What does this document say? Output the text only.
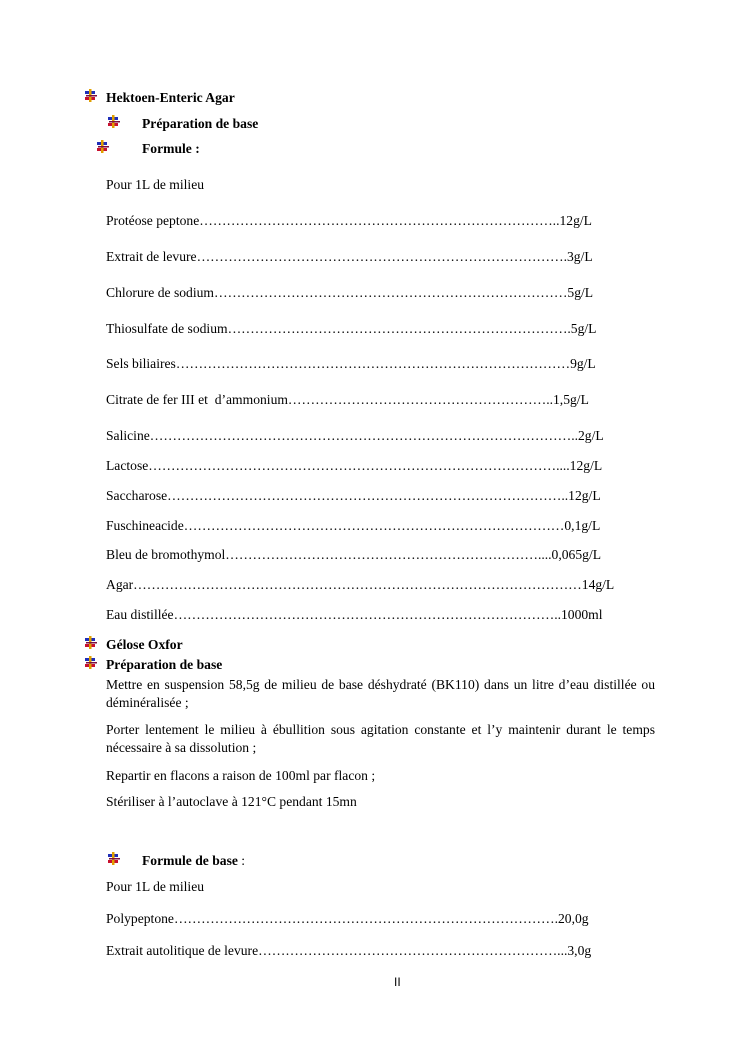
Hektoen-Enteric Agar
Préparation de base
Formule :
Pour 1L de milieu
Protéose peptone……………………………………………………………………..12g/L
Extrait de levure……………………………………………………………………….3g/L
Chlorure de sodium……………………………………………………………………5g/L
Thiosulfate de sodium………………………………………………………………….5g/L
Sels biliaires……………………………………………………………………………9g/L
Citrate de fer III et  d’ammonium…………………………………………………..1,5g/L
Salicine…………………………………………………………………………………..2g/L
Lactose………………………………………………………………………………....12g/L
Saccharose……………………………………………………………………………..12g/L
Fuschineacide…………………………………………………………………………0,1g/L
Bleu de bromothymol……………………………………………………………....0,065g/L
Agar………………………………………………………………………………………14g/L
Eau distillée…………………………………………………………………………..1000ml
Gélose Oxfor
Préparation de base
Mettre en suspension 58,5g de milieu de base déshydraté (BK110) dans un litre d’eau distillée ou déminéralisée ;
Porter lentement le milieu à ébullition sous agitation constante et l’y maintenir durant le temps nécessaire à sa dissolution ;
Repartir en flacons a raison de 100ml par flacon ;
Stériliser à l’autoclave à 121°C pendant 15mn
Formule de base :
Pour 1L de milieu
Polypeptone………………………………………………………………………….20,0g
Extrait autolitique de levure…………………………………………………………...3,0g
II
